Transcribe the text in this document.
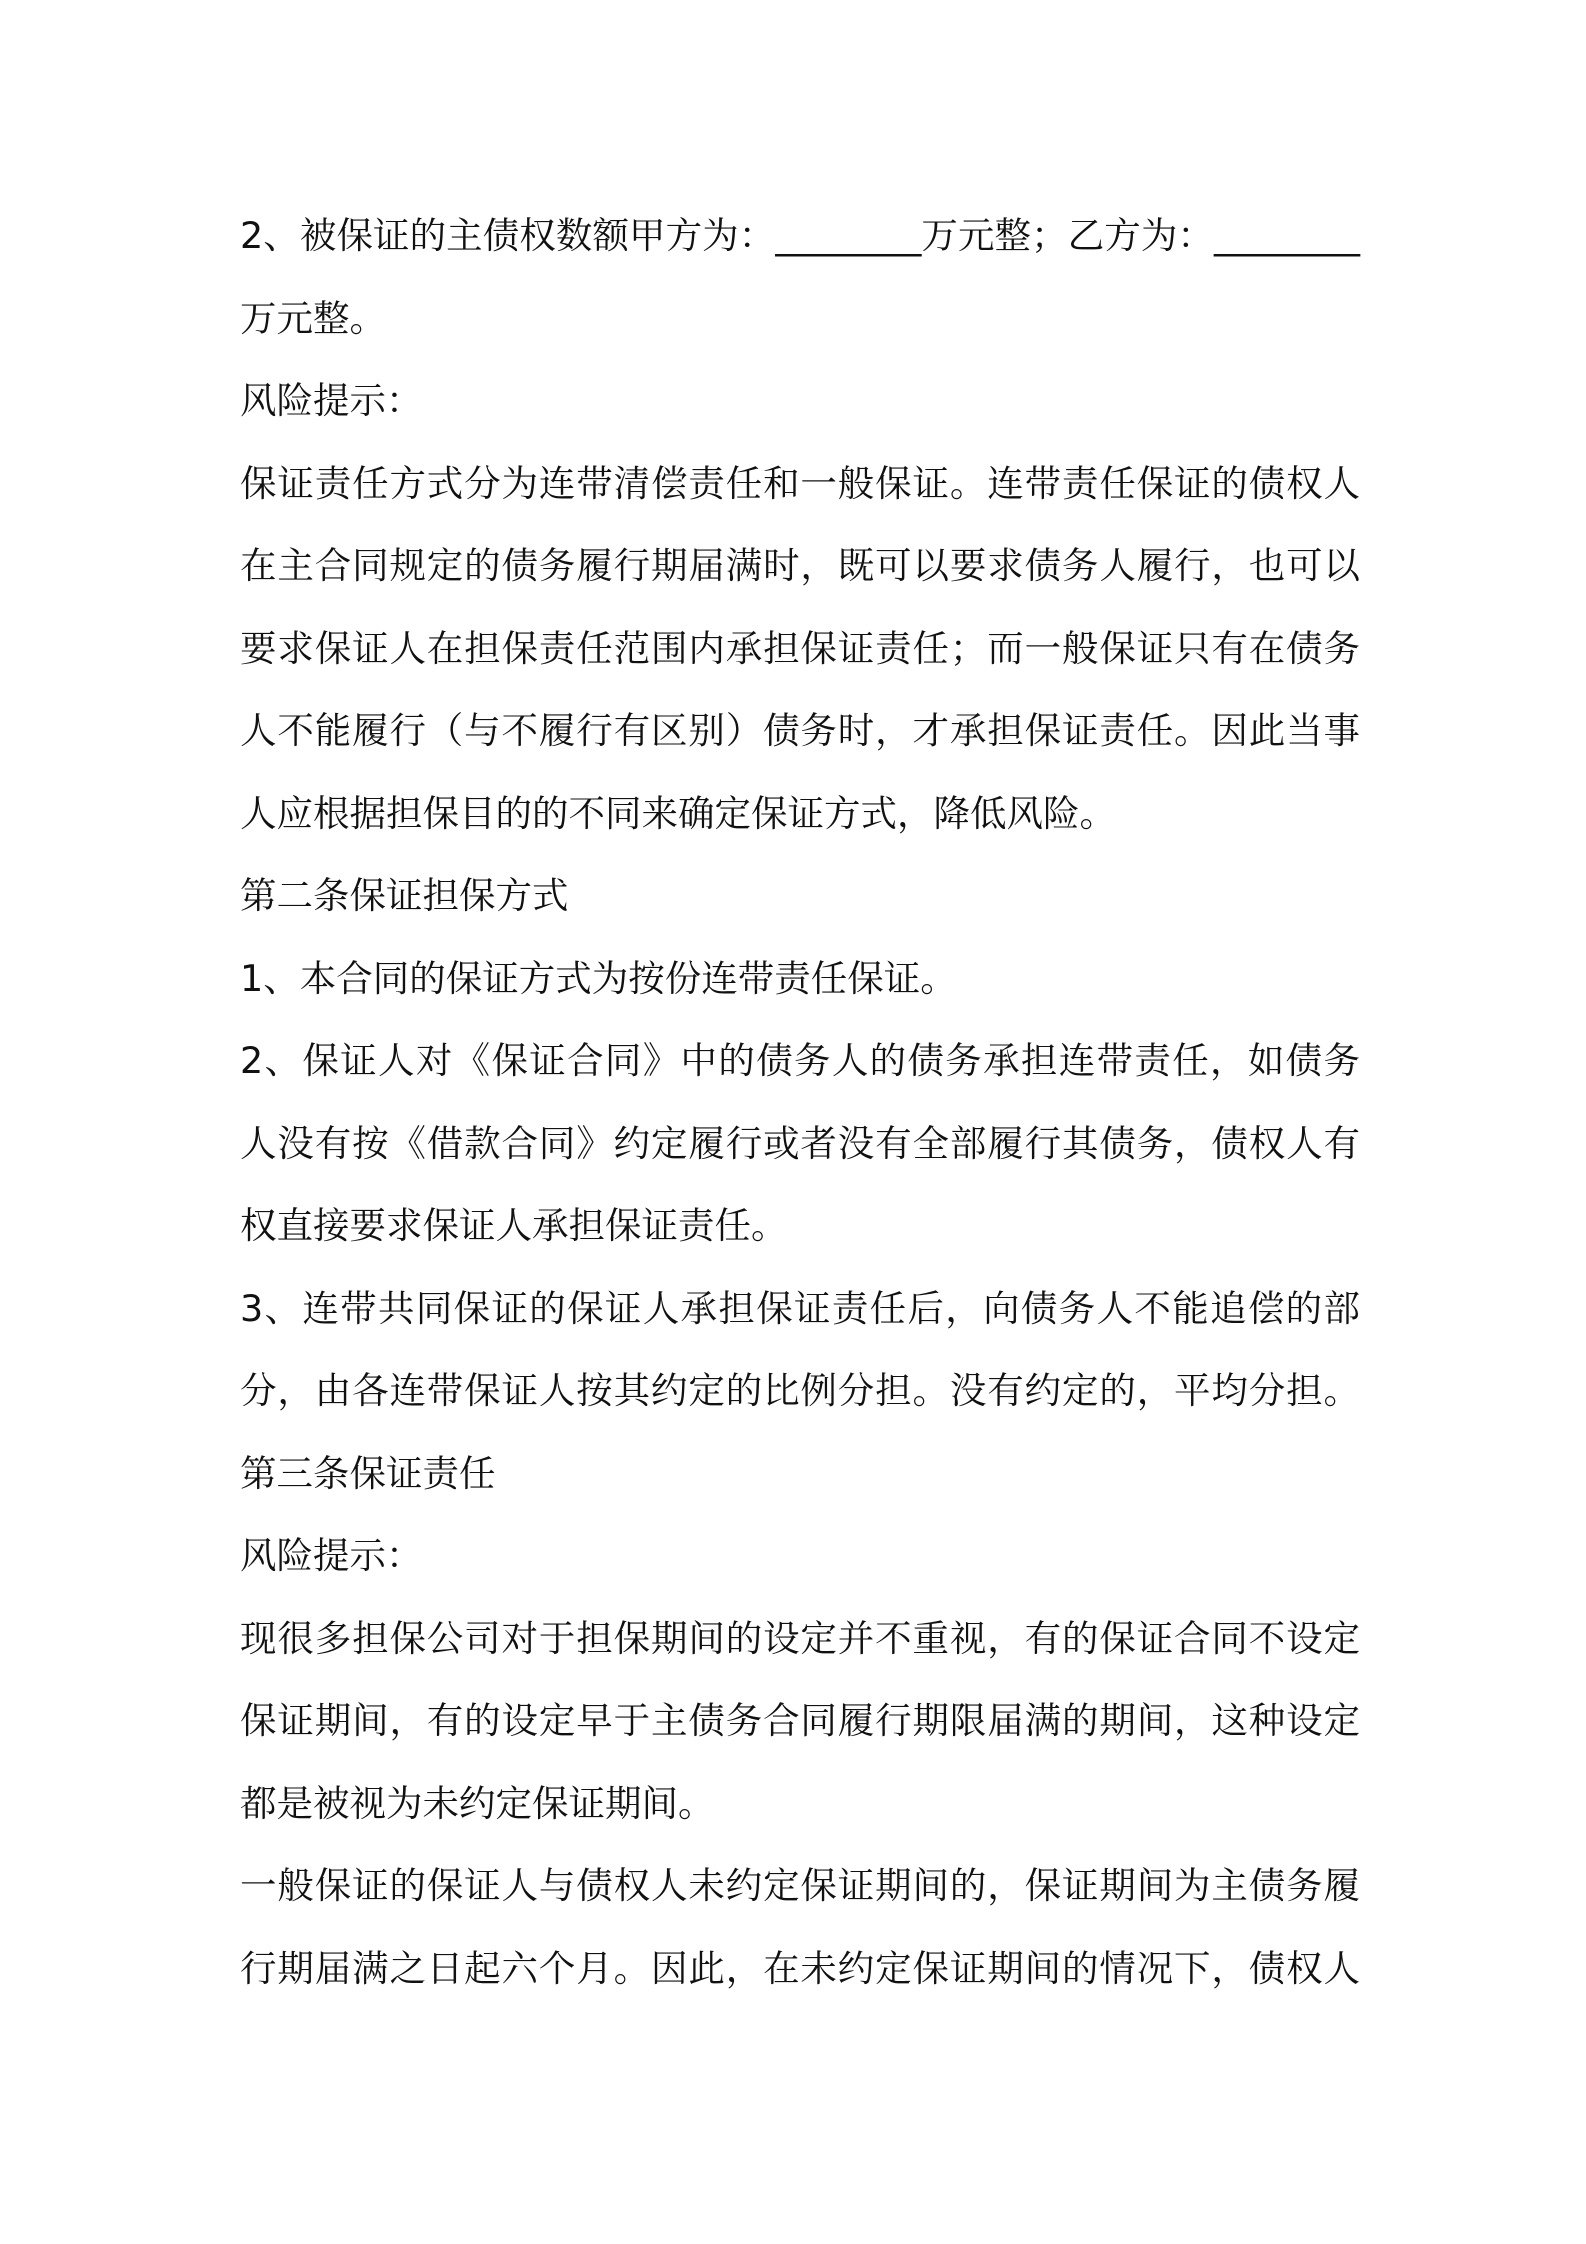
2、被保证的主债权数额甲方为：________万元整；乙方为：________
万元整。
风险提示：
保证责任方式分为连带清偿责任和一般保证。连带责任保证的债权人
在主合同规定的债务履行期届满时，既可以要求债务人履行，也可以
要求保证人在担保责任范围内承担保证责任；而一般保证只有在债务
人不能履行（与不履行有区别）债务时，才承担保证责任。因此当事
人应根据担保目的的不同来确定保证方式，降低风险。
第二条保证担保方式
1、本合同的保证方式为按份连带责任保证。
2、保证人对《保证合同》中的债务人的债务承担连带责任，如债务
人没有按《借款合同》约定履行或者没有全部履行其债务，债权人有
权直接要求保证人承担保证责任。
3、连带共同保证的保证人承担保证责任后，向债务人不能追偿的部
分，由各连带保证人按其约定的比例分担。没有约定的，平均分担。
第三条保证责任
风险提示：
现很多担保公司对于担保期间的设定并不重视，有的保证合同不设定
保证期间，有的设定早于主债务合同履行期限届满的期间，这种设定
都是被视为未约定保证期间。
一般保证的保证人与债权人未约定保证期间的，保证期间为主债务履
行期届满之日起六个月。因此，在未约定保证期间的情况下，债权人
